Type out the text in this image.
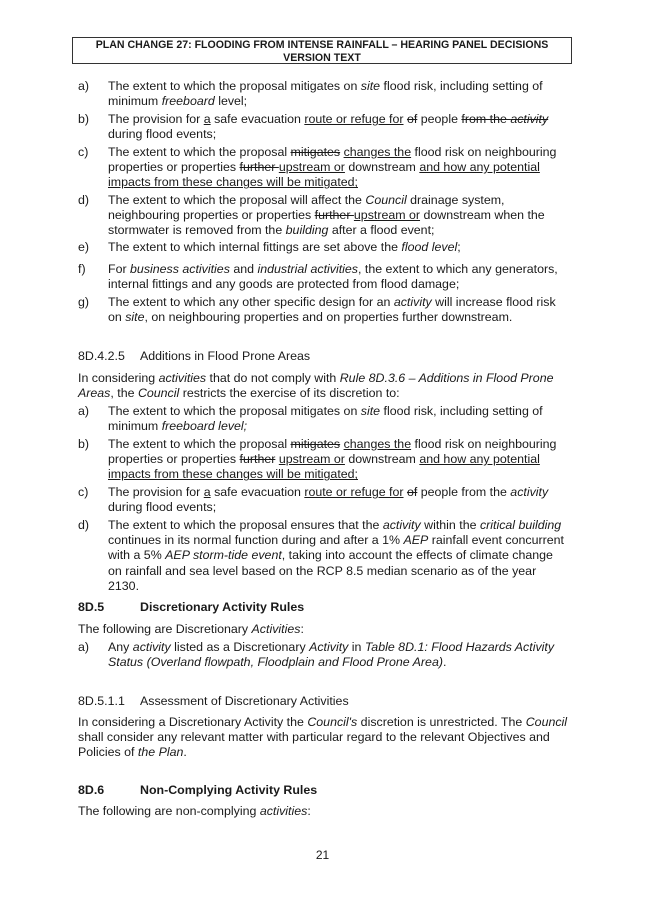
PLAN CHANGE 27: FLOODING FROM INTENSE RAINFALL – HEARING PANEL DECISIONS
VERSION TEXT
a) The extent to which the proposal mitigates on site flood risk, including setting of minimum freeboard level;
b) The provision for a safe evacuation route or refuge for of people from the activity during flood events;
c) The extent to which the proposal mitigates changes the flood risk on neighbouring properties or properties further upstream or downstream and how any potential impacts from these changes will be mitigated;
d) The extent to which the proposal will affect the Council drainage system, neighbouring properties or properties further upstream or downstream when the stormwater is removed from the building after a flood event;
e) The extent to which internal fittings are set above the flood level;
f) For business activities and industrial activities, the extent to which any generators, internal fittings and any goods are protected from flood damage;
g) The extent to which any other specific design for an activity will increase flood risk on site, on neighbouring properties and on properties further downstream.
8D.4.2.5 Additions in Flood Prone Areas
In considering activities that do not comply with Rule 8D.3.6 – Additions in Flood Prone Areas, the Council restricts the exercise of its discretion to:
a) The extent to which the proposal mitigates on site flood risk, including setting of minimum freeboard level;
b) The extent to which the proposal mitigates changes the flood risk on neighbouring properties or properties further upstream or downstream and how any potential impacts from these changes will be mitigated;
c) The provision for a safe evacuation route or refuge for of people from the activity during flood events;
d) The extent to which the proposal ensures that the activity within the critical building continues in its normal function during and after a 1% AEP rainfall event concurrent with a 5% AEP storm-tide event, taking into account the effects of climate change on rainfall and sea level based on the RCP 8.5 median scenario as of the year 2130.
8D.5	Discretionary Activity Rules
The following are Discretionary Activities:
a) Any activity listed as a Discretionary Activity in Table 8D.1: Flood Hazards Activity Status (Overland flowpath, Floodplain and Flood Prone Area).
8D.5.1.1 Assessment of Discretionary Activities
In considering a Discretionary Activity the Council's discretion is unrestricted. The Council shall consider any relevant matter with particular regard to the relevant Objectives and Policies of the Plan.
8D.6	Non-Complying Activity Rules
The following are non-complying activities:
21
